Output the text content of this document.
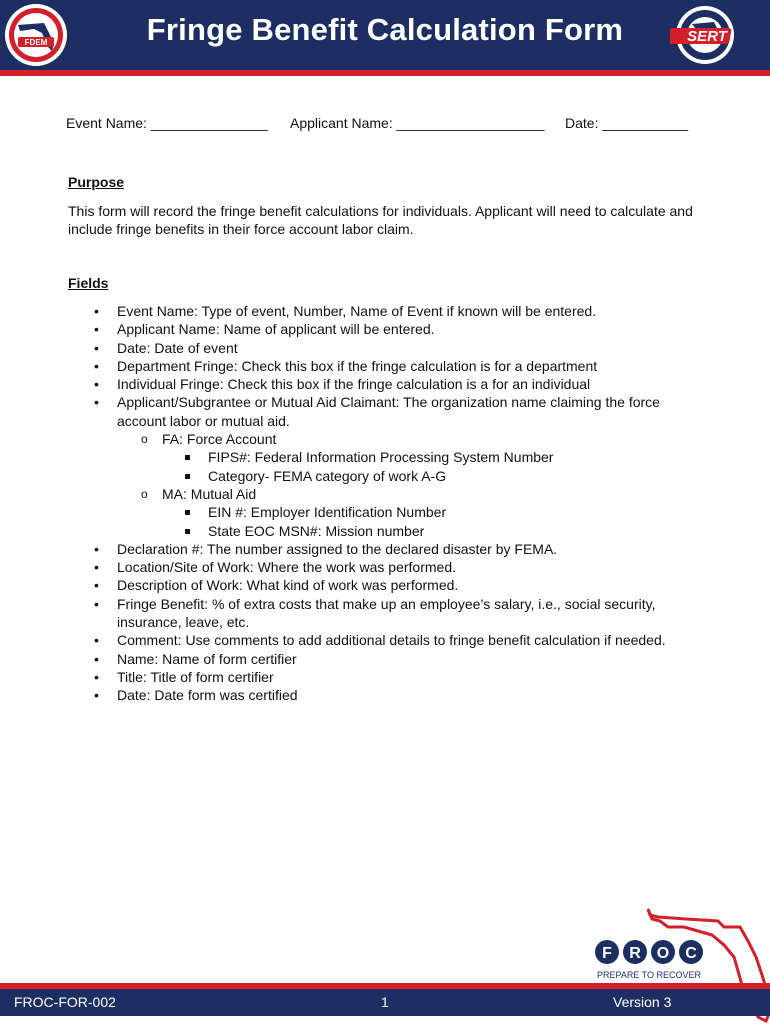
FDEM	Fringe Benefit Calculation Form	SERT
Event Name: _______________ Applicant Name: ___________________ Date: ___________
Purpose
This form will record the fringe benefit calculations for individuals. Applicant will need to calculate and include fringe benefits in their force account labor claim.
Fields
• Event Name: Type of event, Number, Name of Event if known will be entered.
• Applicant Name: Name of applicant will be entered.
• Date: Date of event
• Department Fringe: Check this box if the fringe calculation is for a department
• Individual Fringe: Check this box if the fringe calculation is a for an individual
• Applicant/Subgrantee or Mutual Aid Claimant: The organization name claiming the force account labor or mutual aid.
o FA: Force Account
FIPS#: Federal Information Processing System Number
Category- FEMA category of work A-G
o MA: Mutual Aid
EIN #: Employer Identification Number
State EOC MSN#: Mission number
• Declaration #: The number assigned to the declared disaster by FEMA.
• Location/Site of Work: Where the work was performed.
• Description of Work: What kind of work was performed.
• Fringe Benefit: % of extra costs that make up an employee’s salary, i.e., social security, insurance, leave, etc.
• Comment: Use comments to add additional details to fringe benefit calculation if needed.
• Name: Name of form certifier
• Title: Title of form certifier
• Date: Date form was certified
F R O C
PREPARE TO RECOVER
FROC-FOR-002	1	Version 3
